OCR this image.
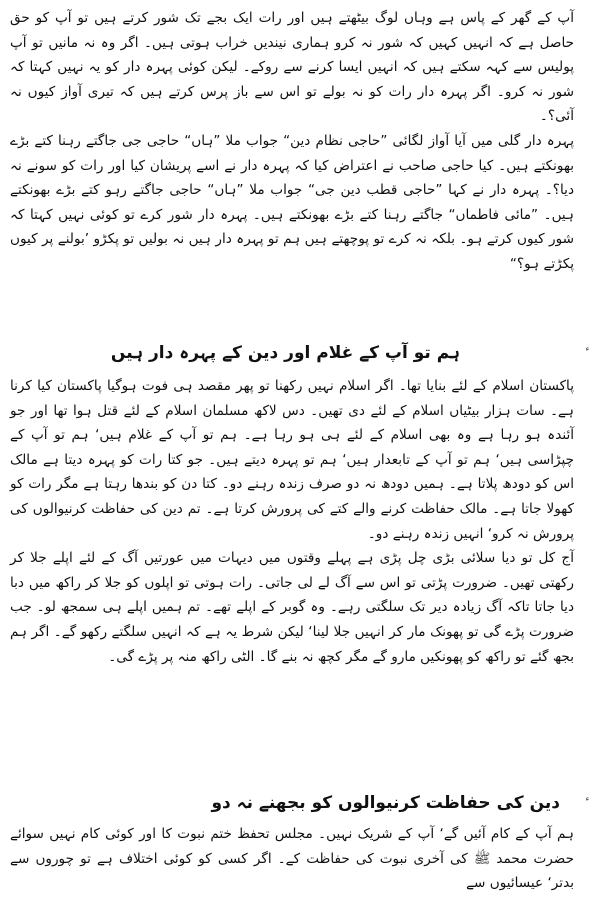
آپ کے گھر کے پاس ہے وہاں لوگ بیٹھتے ہیں اور رات ایک بجے تک شور کرتے ہیں تو آپ کو حق حاصل ہے کہ انہیں کہیں کہ شور نہ کرو ہماری نیندیں خراب ہوتی ہیں۔ اگر وہ نہ مانیں تو آپ پولیس سے کہہ سکتے ہیں کہ انہیں ایسا کرنے سے روکے۔ لیکن کوئی پہرہ دار کو یہ نہیں کہتا کہ شور نہ کرو۔ اگر پہرہ دار رات کو نہ بولے تو اس سے باز پرس کرتے ہیں کہ تیری آواز کیوں نہ آئی؟۔

پہرہ دار گلی میں آیا آواز لگائی ”حاجی نظام دین“ جواب ملا ”ہاں“ حاجی جی جاگتے رہنا کتے بڑے بھونکتے ہیں۔ کیا حاجی صاحب نے اعتراض کیا کہ پہرہ دار نے اسے پریشان کیا اور رات کو سونے نہ دیا؟۔ پہرہ دار نے کہا ”حاجی قطب دین جی“ جواب ملا ”ہاں“ حاجی جاگتے رہو کتے بڑے بھونکتے ہیں۔ ”مائی فاطماں“ جاگتے رہنا کتے بڑے بھونکتے ہیں۔ پہرہ دار شور کرے تو کوئی نہیں کہتا کہ شور کیوں کرتے ہو۔ بلکہ نہ کرے تو پوچھتے ہیں ہم تو پہرہ دار ہیں نہ بولیں تو پکڑو ’بولنے پر کیوں پکڑتے ہو؟“

ہم تو آپ کے غلام اور دین کے پہرہ دار ہیں

پاکستان اسلام کے لئے بنایا تھا۔ اگر اسلام نہیں رکھنا تو پھر مقصد ہی فوت ہوگیا پاکستان کیا کرنا ہے۔ سات ہزار بیٹیاں اسلام کے لئے دی تھیں۔ دس لاکھ مسلمان اسلام کے لئے قتل ہوا تھا اور جو آئندہ ہو رہا ہے وہ بھی اسلام کے لئے ہی ہو رہا ہے۔ ہم تو آپ کے غلام ہیں‘ ہم تو آپ کے چپڑاسی ہیں‘ ہم تو آپ کے تابعدار ہیں‘ ہم تو پہرہ دیتے ہیں۔ جو کتا رات کو پہرہ دیتا ہے مالک اس کو دودھ پلاتا ہے۔ ہمیں دودھ نہ دو صرف زندہ رہنے دو۔ کتا دن کو بندھا رہتا ہے مگر رات کو کھولا جاتا ہے۔ مالک حفاظت کرنے والے کتے کی پرورش کرتا ہے۔ تم دین کی حفاظت کرنیوالوں کی پرورش نہ کرو‘ انہیں زندہ رہنے دو۔

آج کل تو دیا سلائی بڑی چل پڑی ہے پہلے وقتوں میں دیہات میں عورتیں آگ کے لئے اپلے جلا کر رکھتی تھیں۔ ضرورت پڑتی تو اس سے آگ لے لی جاتی۔ رات ہوتی تو اپلوں کو جلا کر راکھ میں دبا دیا جاتا تاکہ آگ زیادہ دیر تک سلگتی رہے۔ وہ گوبر کے اپلے تھے۔ تم ہمیں اپلے ہی سمجھ لو۔ جب ضرورت پڑے گی تو پھونک مار کر انہیں جلا لینا‘ لیکن شرط یہ ہے کہ انہیں سلگتے رکھو گے۔ اگر ہم بجھ گئے تو راکھ کو پھونکیں مارو گے مگر کچھ نہ بنے گا۔ الٹی راکھ منہ پر پڑے گی۔

دین کی حفاظت کرنیوالوں کو بجھنے نہ دو

ہم آپ کے کام آئیں گے‘ آپ کے شریک نہیں۔ مجلس تحفظ ختم نبوت کا اور کوئی کام نہیں سوائے حضرت محمد ﷺ کی آخری نبوت کی حفاظت کے۔ اگر کسی کو کوئی اختلاف ہے تو چوروں سے بدتر‘ عیسائیوں سے
